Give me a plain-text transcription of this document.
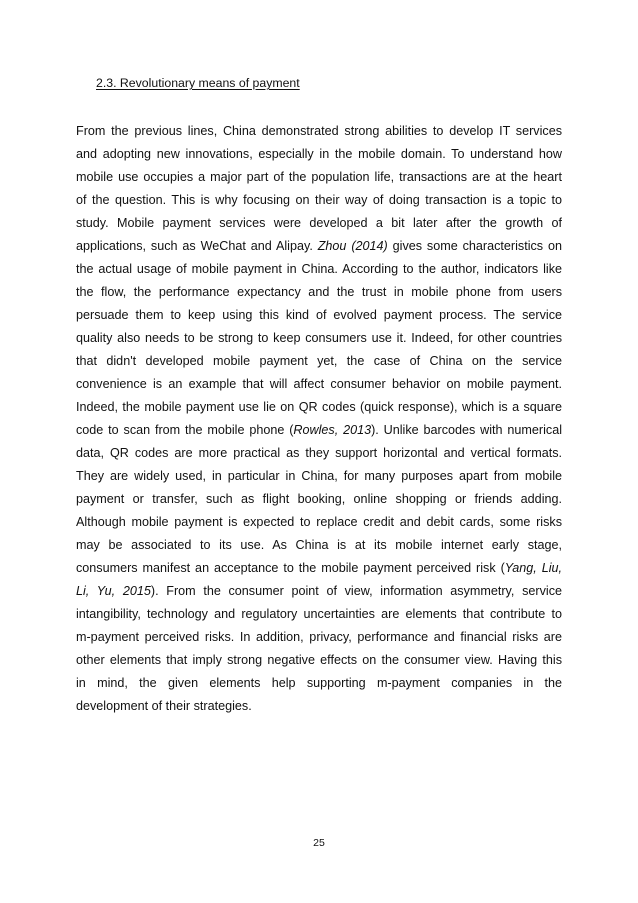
2.3. Revolutionary means of payment
From the previous lines, China demonstrated strong abilities to develop IT services
and adopting new innovations, especially in the mobile domain. To understand how
mobile use occupies a major part of the population life, transactions are at the heart
of the question. This is why focusing on their way of doing transaction is a topic to
study. Mobile payment services were developed a bit later after the growth of
applications, such as WeChat and Alipay. Zhou (2014) gives some characteristics on
the actual usage of mobile payment in China. According to the author, indicators like
the flow, the performance expectancy and the trust in mobile phone from users
persuade them to keep using this kind of evolved payment process. The service
quality also needs to be strong to keep consumers use it. Indeed, for other countries
that didn't developed mobile payment yet, the case of China on the service
convenience is an example that will affect consumer behavior on mobile payment.
Indeed, the mobile payment use lie on QR codes (quick response), which is a square
code to scan from the mobile phone (Rowles, 2013). Unlike barcodes with numerical
data, QR codes are more practical as they support horizontal and vertical formats.
They are widely used, in particular in China, for many purposes apart from mobile
payment or transfer, such as flight booking, online shopping or friends adding.
Although mobile payment is expected to replace credit and debit cards, some risks
may be associated to its use. As China is at its mobile internet early stage,
consumers manifest an acceptance to the mobile payment perceived risk (Yang, Liu,
Li, Yu, 2015). From the consumer point of view, information asymmetry, service
intangibility, technology and regulatory uncertainties are elements that contribute to
m-payment perceived risks. In addition, privacy, performance and financial risks are
other elements that imply strong negative effects on the consumer view. Having this
in mind, the given elements help supporting m-payment companies in the
development of their strategies.
25
